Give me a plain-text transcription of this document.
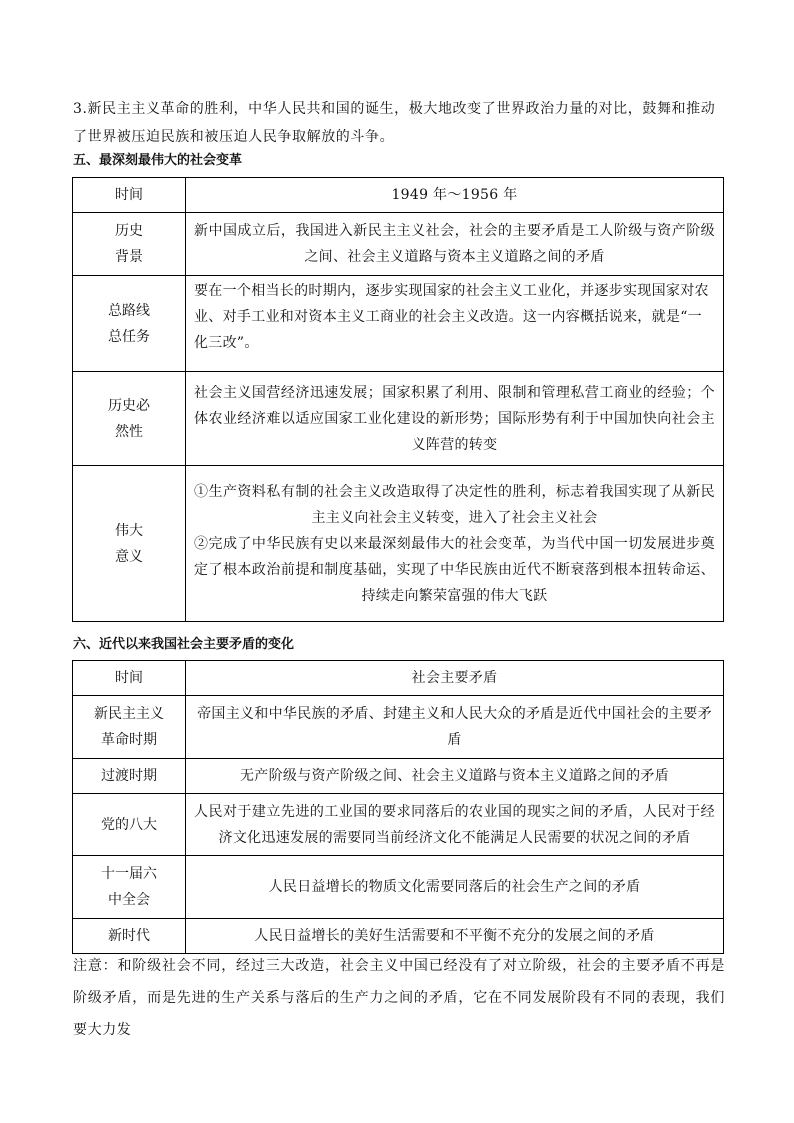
3.新民主主义革命的胜利，中华人民共和国的诞生，极大地改变了世界政治力量的对比，鼓舞和推动了世界被压迫民族和被压迫人民争取解放的斗争。

五、最深刻最伟大的社会变革
时间	1949 年～1956 年

历史
背景	新中国成立后，我国进入新民主主义社会，社会的主要矛盾是工人阶级与资产阶级之间、社会主义道路与资本主义道路之间的矛盾

总路线
总任务	要在一个相当长的时期内，逐步实现国家的社会主义工业化，并逐步实现国家对农业、对手工业和对资本主义工商业的社会主义改造。这一内容概括说来，就是“一化三改”。

历史必
然性	社会主义国营经济迅速发展；国家积累了利用、限制和管理私营工商业的经验；个体农业经济难以适应国家工业化建设的新形势；国际形势有利于中国加快向社会主义阵营的转变

伟大
意义	①生产资料私有制的社会主义改造取得了决定性的胜利，标志着我国实现了从新民主主义向社会主义转变，进入了社会主义社会
②完成了中华民族有史以来最深刻最伟大的社会变革，为当代中国一切发展进步奠定了根本政治前提和制度基础，实现了中华民族由近代不断衰落到根本扭转命运、持续走向繁荣富强的伟大飞跃
六、近代以来我国社会主要矛盾的变化
时间	社会主要矛盾

新民主主义
革命时期	帝国主义和中华民族的矛盾、封建主义和人民大众的矛盾是近代中国社会的主要矛盾

过渡时期	无产阶级与资产阶级之间、社会主义道路与资本主义道路之间的矛盾

党的八大	人民对于建立先进的工业国的要求同落后的农业国的现实之间的矛盾，人民对于经济文化迅速发展的需要同当前经济文化不能满足人民需要的状况之间的矛盾

十一届六
中全会	人民日益增长的物质文化需要同落后的社会生产之间的矛盾

新时代	人民日益增长的美好生活需要和不平衡不充分的发展之间的矛盾

注意：和阶级社会不同，经过三大改造，社会主义中国已经没有了对立阶级，社会的主要矛盾不再是阶级矛盾，而是先进的生产关系与落后的生产力之间的矛盾，它在不同发展阶段有不同的表现，我们要大力发
